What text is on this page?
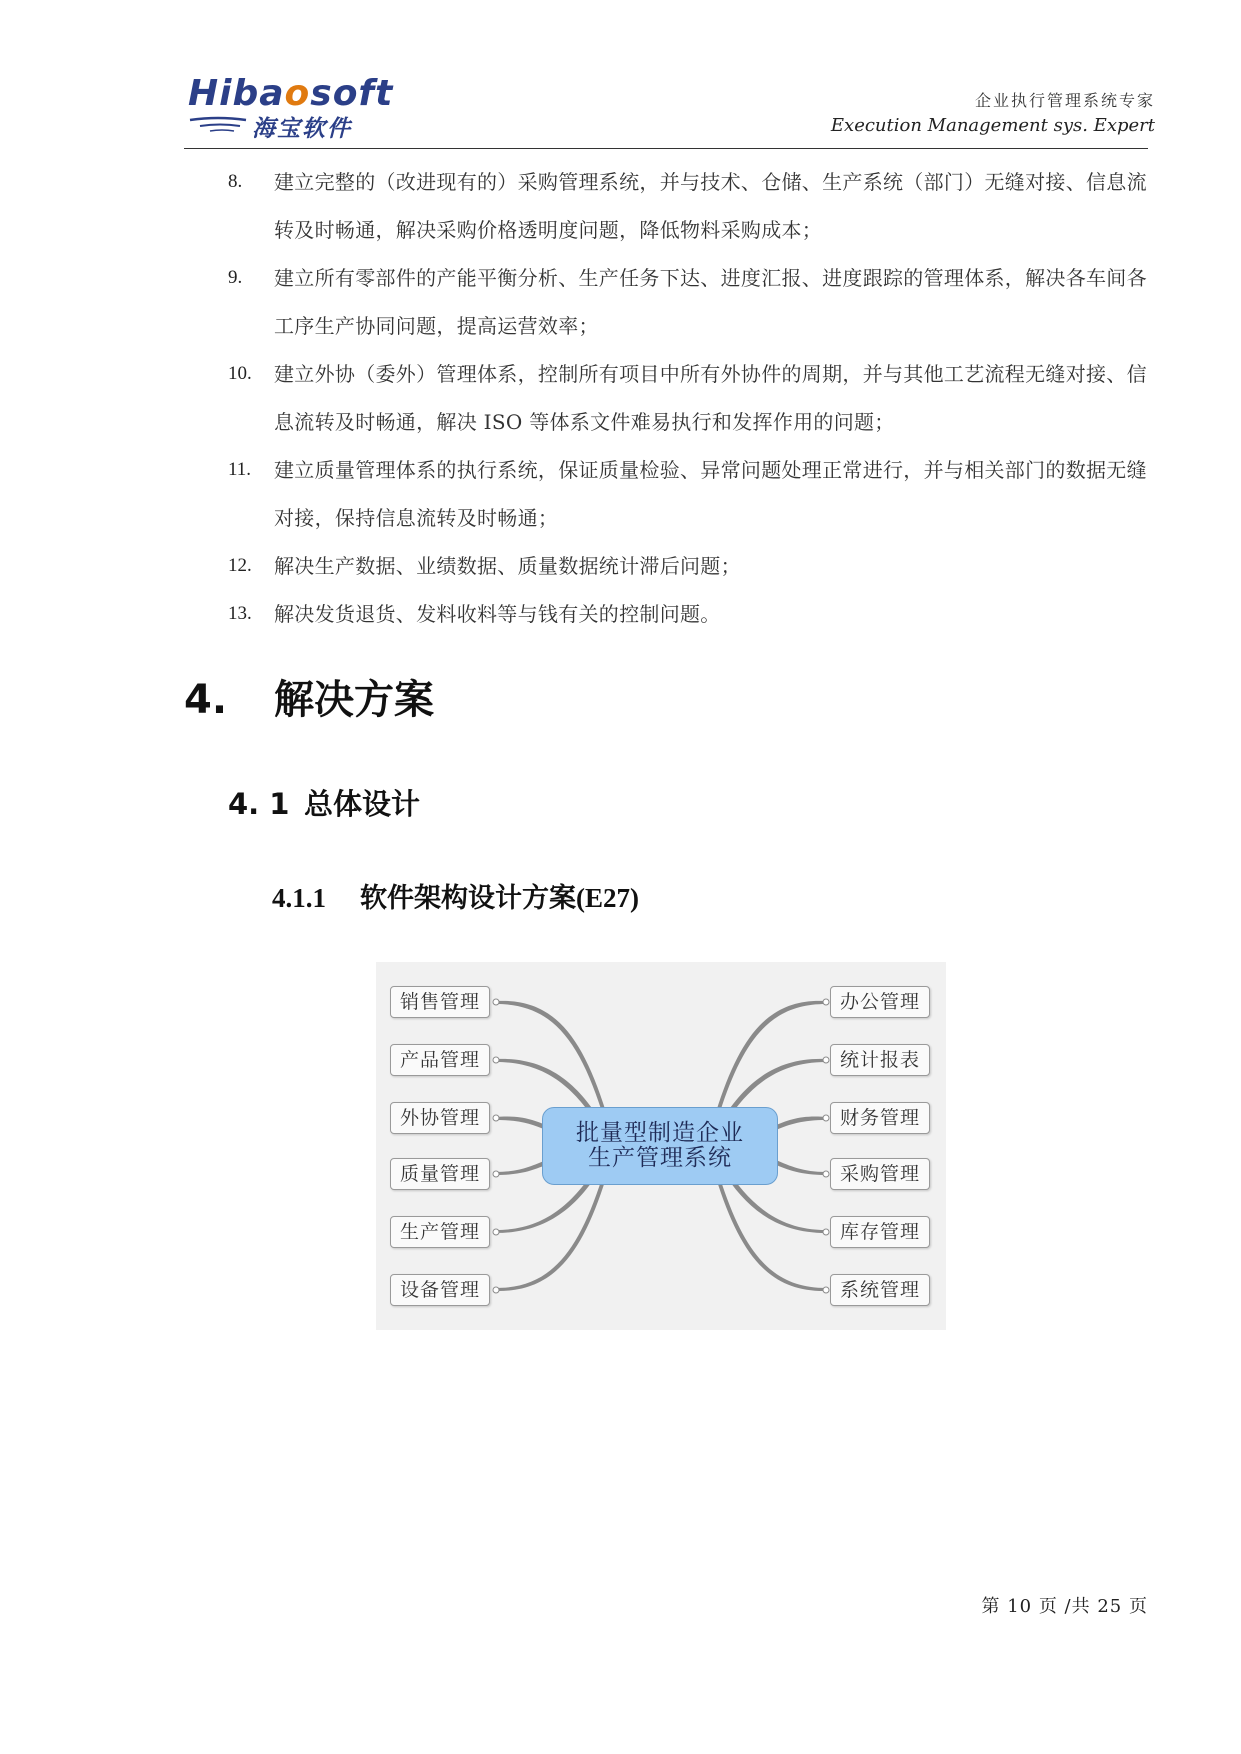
Hibaosoft
海宝软件
企业执行管理系统专家
Execution Management sys. Expert
8. 建立完整的（改进现有的）采购管理系统，并与技术、仓储、生产系统（部门）无缝对接、信息流转及时畅通，解决采购价格透明度问题，降低物料采购成本；
9. 建立所有零部件的产能平衡分析、生产任务下达、进度汇报、进度跟踪的管理体系，解决各车间各工序生产协同问题，提高运营效率；
10. 建立外协（委外）管理体系，控制所有项目中所有外协件的周期，并与其他工艺流程无缝对接、信息流转及时畅通，解决 ISO 等体系文件难易执行和发挥作用的问题；
11. 建立质量管理体系的执行系统，保证质量检验、异常问题处理正常进行，并与相关部门的数据无缝对接，保持信息流转及时畅通；
12. 解决生产数据、业绩数据、质量数据统计滞后问题；
13. 解决发货退货、发料收料等与钱有关的控制问题。
4. 解决方案
4. 1 总体设计
4.1.1 软件架构设计方案(E27)
批量型制造企业
生产管理系统
销售管理
产品管理
外协管理
质量管理
生产管理
设备管理
办公管理
统计报表
财务管理
采购管理
库存管理
系统管理
第 10 页 /共 25 页
